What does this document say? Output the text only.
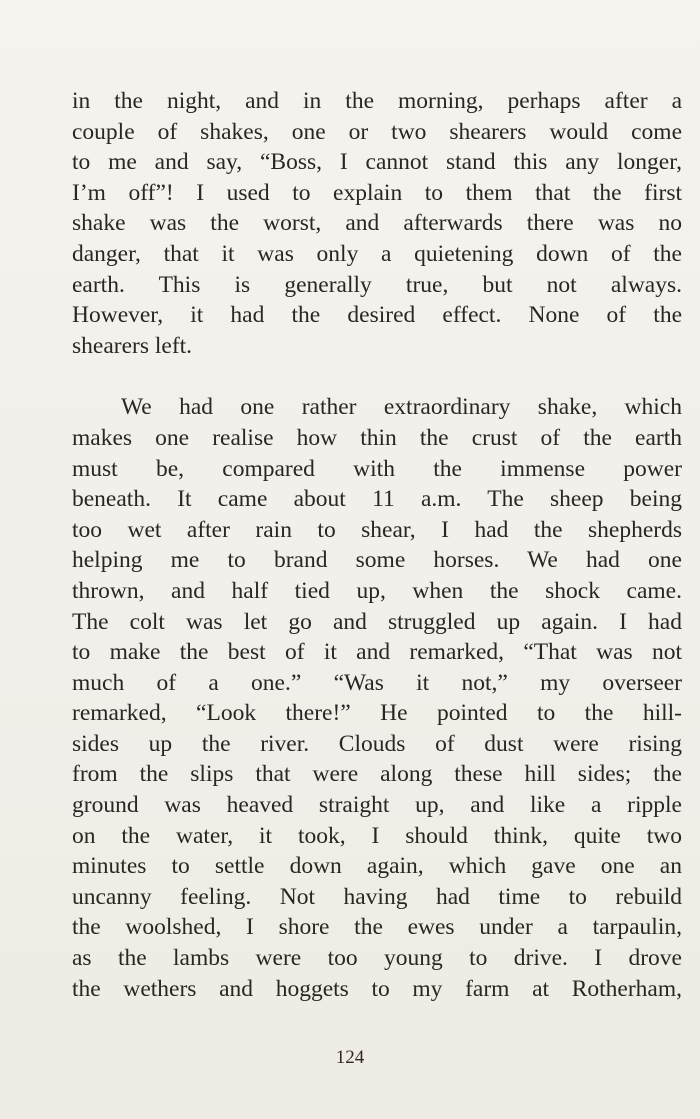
in the night, and in the morning, perhaps after a
couple of shakes, one or two shearers would come
to me and say, “Boss, I cannot stand this any longer,
I’m off”! I used to explain to them that the first
shake was the worst, and afterwards there was no
danger, that it was only a quietening down of the
earth. This is generally true, but not always.
However, it had the desired effect. None of the
shearers left.

We had one rather extraordinary shake, which
makes one realise how thin the crust of the earth
must be, compared with the immense power
beneath. It came about 11 a.m. The sheep being
too wet after rain to shear, I had the shepherds
helping me to brand some horses. We had one
thrown, and half tied up, when the shock came.
The colt was let go and struggled up again. I had
to make the best of it and remarked, “That was not
much of a one.” “Was it not,” my overseer
remarked, “Look there!” He pointed to the hill-
sides up the river. Clouds of dust were rising
from the slips that were along these hill sides; the
ground was heaved straight up, and like a ripple
on the water, it took, I should think, quite two
minutes to settle down again, which gave one an
uncanny feeling. Not having had time to rebuild
the woolshed, I shore the ewes under a tarpaulin,
as the lambs were too young to drive. I drove
the wethers and hoggets to my farm at Rotherham,

124
